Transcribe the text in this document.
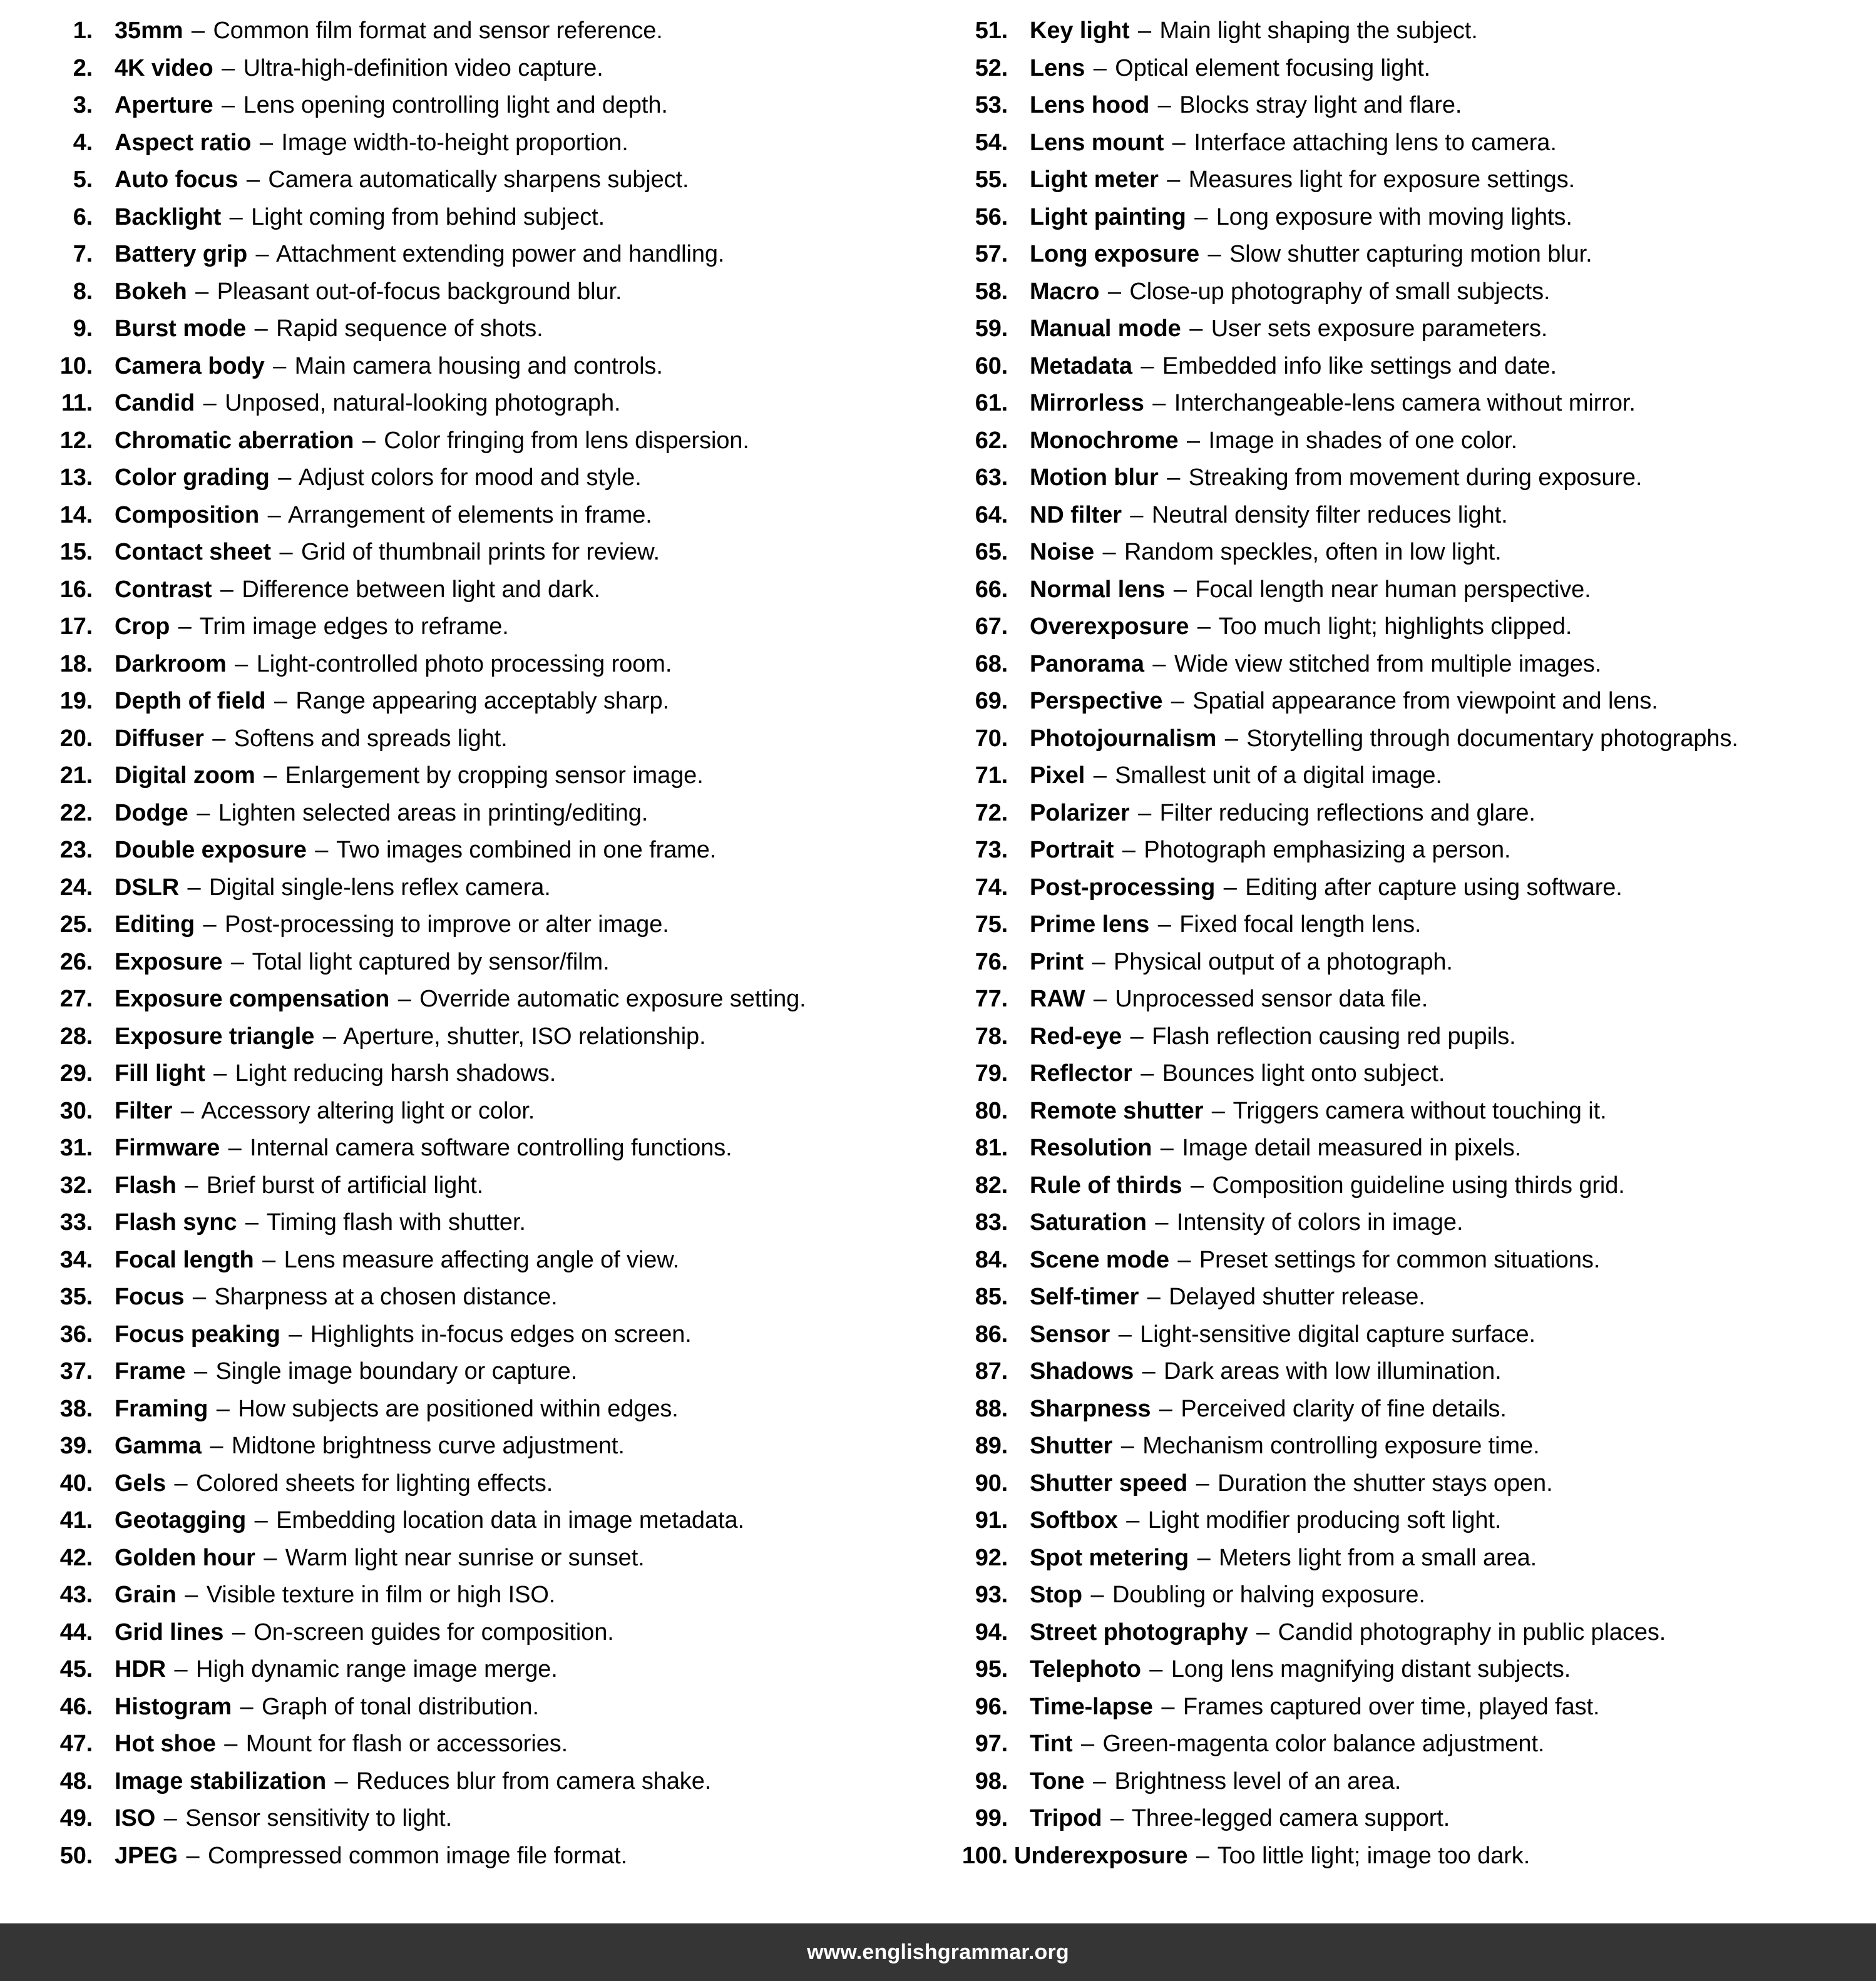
1. 35mm – Common film format and sensor reference.
2. 4K video – Ultra-high-definition video capture.
3. Aperture – Lens opening controlling light and depth.
4. Aspect ratio – Image width-to-height proportion.
5. Auto focus – Camera automatically sharpens subject.
6. Backlight – Light coming from behind subject.
7. Battery grip – Attachment extending power and handling.
8. Bokeh – Pleasant out-of-focus background blur.
9. Burst mode – Rapid sequence of shots.
10. Camera body – Main camera housing and controls.
11. Candid – Unposed, natural-looking photograph.
12. Chromatic aberration – Color fringing from lens dispersion.
13. Color grading – Adjust colors for mood and style.
14. Composition – Arrangement of elements in frame.
15. Contact sheet – Grid of thumbnail prints for review.
16. Contrast – Difference between light and dark.
17. Crop – Trim image edges to reframe.
18. Darkroom – Light-controlled photo processing room.
19. Depth of field – Range appearing acceptably sharp.
20. Diffuser – Softens and spreads light.
21. Digital zoom – Enlargement by cropping sensor image.
22. Dodge – Lighten selected areas in printing/editing.
23. Double exposure – Two images combined in one frame.
24. DSLR – Digital single-lens reflex camera.
25. Editing – Post-processing to improve or alter image.
26. Exposure – Total light captured by sensor/film.
27. Exposure compensation – Override automatic exposure setting.
28. Exposure triangle – Aperture, shutter, ISO relationship.
29. Fill light – Light reducing harsh shadows.
30. Filter – Accessory altering light or color.
31. Firmware – Internal camera software controlling functions.
32. Flash – Brief burst of artificial light.
33. Flash sync – Timing flash with shutter.
34. Focal length – Lens measure affecting angle of view.
35. Focus – Sharpness at a chosen distance.
36. Focus peaking – Highlights in-focus edges on screen.
37. Frame – Single image boundary or capture.
38. Framing – How subjects are positioned within edges.
39. Gamma – Midtone brightness curve adjustment.
40. Gels – Colored sheets for lighting effects.
41. Geotagging – Embedding location data in image metadata.
42. Golden hour – Warm light near sunrise or sunset.
43. Grain – Visible texture in film or high ISO.
44. Grid lines – On-screen guides for composition.
45. HDR – High dynamic range image merge.
46. Histogram – Graph of tonal distribution.
47. Hot shoe – Mount for flash or accessories.
48. Image stabilization – Reduces blur from camera shake.
49. ISO – Sensor sensitivity to light.
50. JPEG – Compressed common image file format.
51. Key light – Main light shaping the subject.
52. Lens – Optical element focusing light.
53. Lens hood – Blocks stray light and flare.
54. Lens mount – Interface attaching lens to camera.
55. Light meter – Measures light for exposure settings.
56. Light painting – Long exposure with moving lights.
57. Long exposure – Slow shutter capturing motion blur.
58. Macro – Close-up photography of small subjects.
59. Manual mode – User sets exposure parameters.
60. Metadata – Embedded info like settings and date.
61. Mirrorless – Interchangeable-lens camera without mirror.
62. Monochrome – Image in shades of one color.
63. Motion blur – Streaking from movement during exposure.
64. ND filter – Neutral density filter reduces light.
65. Noise – Random speckles, often in low light.
66. Normal lens – Focal length near human perspective.
67. Overexposure – Too much light; highlights clipped.
68. Panorama – Wide view stitched from multiple images.
69. Perspective – Spatial appearance from viewpoint and lens.
70. Photojournalism – Storytelling through documentary photographs.
71. Pixel – Smallest unit of a digital image.
72. Polarizer – Filter reducing reflections and glare.
73. Portrait – Photograph emphasizing a person.
74. Post-processing – Editing after capture using software.
75. Prime lens – Fixed focal length lens.
76. Print – Physical output of a photograph.
77. RAW – Unprocessed sensor data file.
78. Red-eye – Flash reflection causing red pupils.
79. Reflector – Bounces light onto subject.
80. Remote shutter – Triggers camera without touching it.
81. Resolution – Image detail measured in pixels.
82. Rule of thirds – Composition guideline using thirds grid.
83. Saturation – Intensity of colors in image.
84. Scene mode – Preset settings for common situations.
85. Self-timer – Delayed shutter release.
86. Sensor – Light-sensitive digital capture surface.
87. Shadows – Dark areas with low illumination.
88. Sharpness – Perceived clarity of fine details.
89. Shutter – Mechanism controlling exposure time.
90. Shutter speed – Duration the shutter stays open.
91. Softbox – Light modifier producing soft light.
92. Spot metering – Meters light from a small area.
93. Stop – Doubling or halving exposure.
94. Street photography – Candid photography in public places.
95. Telephoto – Long lens magnifying distant subjects.
96. Time-lapse – Frames captured over time, played fast.
97. Tint – Green-magenta color balance adjustment.
98. Tone – Brightness level of an area.
99. Tripod – Three-legged camera support.
100. Underexposure – Too little light; image too dark.
www.englishgrammar.org
